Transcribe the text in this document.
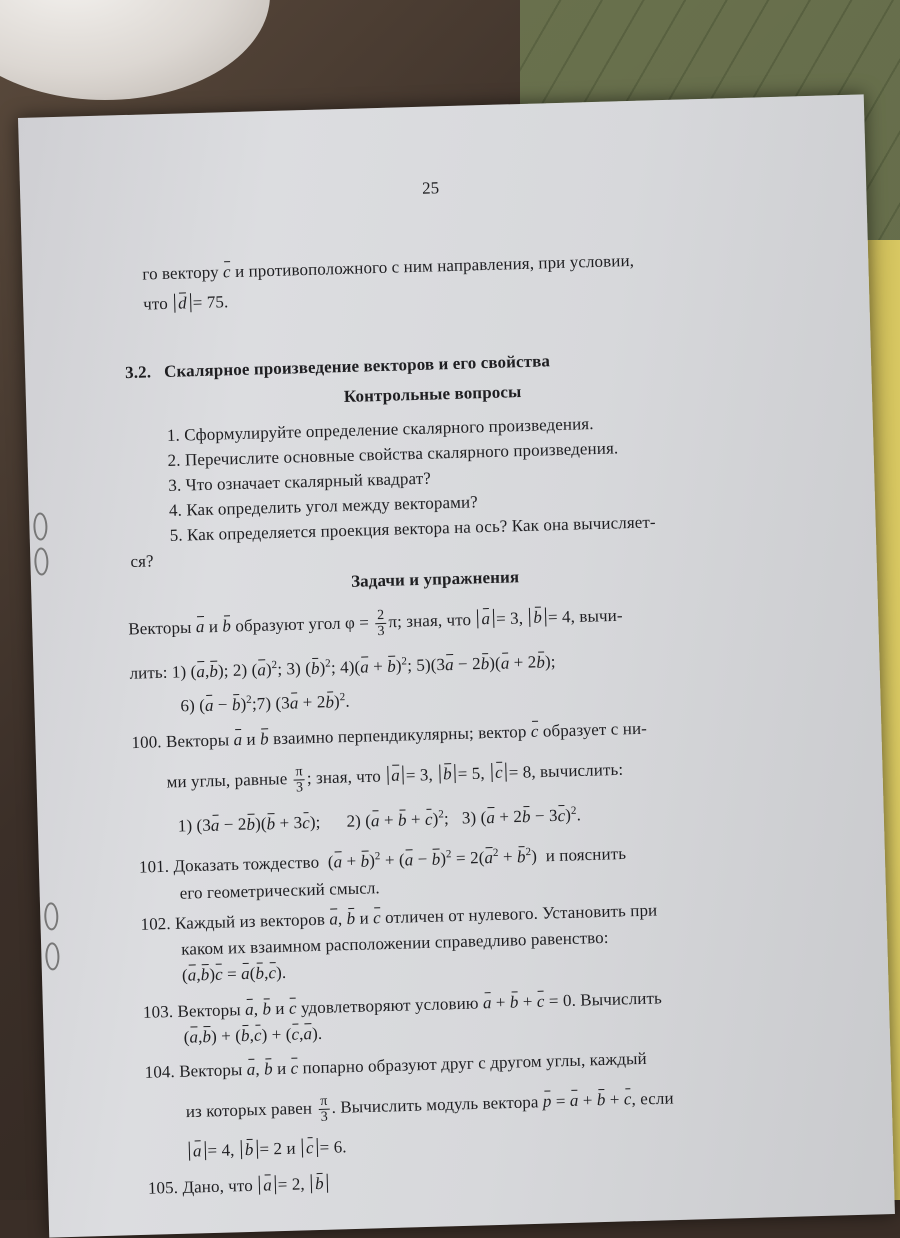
25
го вектору c и противоположного с ним направления, при условии,
что d = 75.
3.2. Скалярное произведение векторов и его свойства
Контрольные вопросы
1. Сформулируйте определение скалярного произведения.
2. Перечислите основные свойства скалярного произведения.
3. Что означает скалярный квадрат?
4. Как определить угол между векторами?
5. Как определяется проекция вектора на ось? Как она вычисляет-
ся?
Задачи и упражнения
Векторы a и b образуют угол $\varphi = \frac{2}{3} \pi$; зная, что a = 3, b = 4, вычи-
лить: 1) (a,b); 2) $(a)^2$; 3) $(b)^2$; $4)(a + b)^2$; 5)(3a − 2b)(a + 2b);
6) $(a - b)^2;7$) $(3a + 2b)^2$.
100. Векторы a и b взаимно перпендикулярны; вектор c образует с ни-
ми углы, равные $\frac{\pi}{3}$ ; зная, что a = 3, b = 5, c = 8, вычислить:
1) (3a − 2b)(b + 3c);      2) $(a + b + c)^2$;   3) $(a + 2b - 3c)^2$.
101. Доказать тождество  $(a + b)^2 + (a - b)^2 = 2(a^2 + b^2)$  и пояснить
его геометрический смысл.
102. Каждый из векторов a, b и c отличен от нулевого. Установить при
каком их взаимном расположении справедливо равенство:
(a,b)c = a(b,c).
103. Векторы a, b и c удовлетворяют условию a + b + c = 0. Вычислить
(a,b) + (b,c) + (c,a).
104. Векторы a, b и c попарно образуют друг с другом углы, каждый
из которых равен $\frac{\pi}{3}$ . Вычислить модуль вектора p = a + b + c, если
a = 4, b = 2 и c = 6.
105. Дано, что a = 2, b
